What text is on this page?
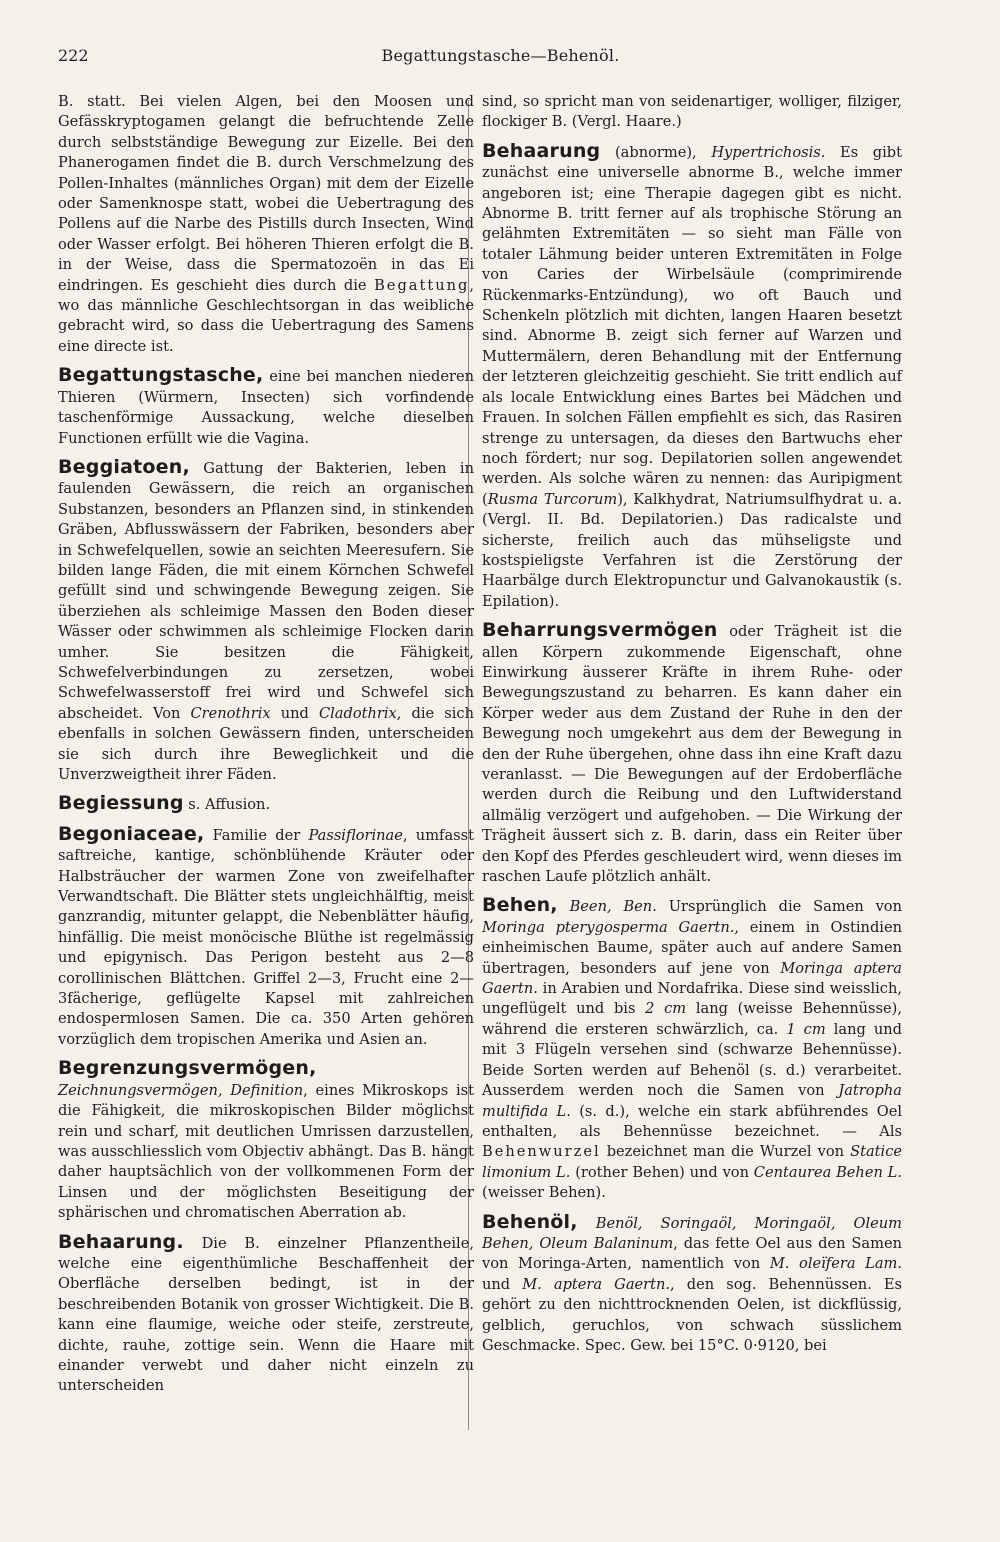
222	Begattungstasche—Behenöl.

B. statt. Bei vielen Algen, bei den Moosen und Gefässkryptogamen gelangt die befruchtende Zelle durch selbstständige Bewegung zur Eizelle. Bei den Phanerogamen findet die B. durch Verschmelzung des Pollen-Inhaltes (männliches Organ) mit dem der Eizelle oder Samenknospe statt, wobei die Uebertragung des Pollens auf die Narbe des Pistills durch Insecten, Wind oder Wasser erfolgt. Bei höheren Thieren erfolgt die B. in der Weise, dass die Spermatozoën in das Ei eindringen. Es geschieht dies durch die Begattung, wo das männliche Geschlechtsorgan in das weibliche gebracht wird, so dass die Uebertragung des Samens eine directe ist.

Begattungstasche, eine bei manchen niederen Thieren (Würmern, Insecten) sich vorfindende taschenförmige Aussackung, welche dieselben Functionen erfüllt wie die Vagina.

Beggiatoen, Gattung der Bakterien, leben in faulenden Gewässern, die reich an organischen Substanzen, besonders an Pflanzen sind, in stinkenden Gräben, Abflusswässern der Fabriken, besonders aber in Schwefelquellen, sowie an seichten Meeresufern. Sie bilden lange Fäden, die mit einem Körnchen Schwefel gefüllt sind und schwingende Bewegung zeigen. Sie überziehen als schleimige Massen den Boden dieser Wässer oder schwimmen als schleimige Flocken darin umher. Sie besitzen die Fähigkeit, Schwefelverbindungen zu zersetzen, wobei Schwefelwasserstoff frei wird und Schwefel sich abscheidet. Von Crenothrix und Cladothrix, die sich ebenfalls in solchen Gewässern finden, unterscheiden sie sich durch ihre Beweglichkeit und die Unverzweigtheit ihrer Fäden.

Begiessung s. Affusion.

Begoniaceae, Familie der Passiflorinae, umfasst saftreiche, kantige, schönblühende Kräuter oder Halbsträucher der warmen Zone von zweifelhafter Verwandtschaft. Die Blätter stets ungleichhälftig, meist ganzrandig, mitunter gelappt, die Nebenblätter häufig, hinfällig. Die meist monöcische Blüthe ist regelmässig und epigynisch. Das Perigon besteht aus 2—8 corollinischen Blättchen. Griffel 2—3, Frucht eine 2—3fächerige, geflügelte Kapsel mit zahlreichen endospermlosen Samen. Die ca. 350 Arten gehören vorzüglich dem tropischen Amerika und Asien an.

Begrenzungsvermögen, Zeichnungsvermögen, Definition, eines Mikroskops ist die Fähigkeit, die mikroskopischen Bilder möglichst rein und scharf, mit deutlichen Umrissen darzustellen, was ausschliesslich vom Objectiv abhängt. Das B. hängt daher hauptsächlich von der vollkommenen Form der Linsen und der möglichsten Beseitigung der sphärischen und chromatischen Aberration ab.

Behaarung. Die B. einzelner Pflanzentheile, welche eine eigenthümliche Beschaffenheit der Oberfläche derselben bedingt, ist in der beschreibenden Botanik von grosser Wichtigkeit. Die B. kann eine flaumige, weiche oder steife, zerstreute, dichte, rauhe, zottige sein. Wenn die Haare mit einander verwebt und daher nicht einzeln zu unterscheiden

sind, so spricht man von seidenartiger, wolliger, filziger, flockiger B. (Vergl. Haare.)

Behaarung (abnorme), Hypertrichosis. Es gibt zunächst eine universelle abnorme B., welche immer angeboren ist; eine Therapie dagegen gibt es nicht. Abnorme B. tritt ferner auf als trophische Störung an gelähmten Extremitäten — so sieht man Fälle von totaler Lähmung beider unteren Extremitäten in Folge von Caries der Wirbelsäule (comprimirende Rückenmarks-Entzündung), wo oft Bauch und Schenkeln plötzlich mit dichten, langen Haaren besetzt sind. Abnorme B. zeigt sich ferner auf Warzen und Muttermälern, deren Behandlung mit der Entfernung der letzteren gleichzeitig geschieht. Sie tritt endlich auf als locale Entwicklung eines Bartes bei Mädchen und Frauen. In solchen Fällen empfiehlt es sich, das Rasiren strenge zu untersagen, da dieses den Bartwuchs eher noch fördert; nur sog. Depilatorien sollen angewendet werden. Als solche wären zu nennen: das Auripigment (Rusma Turcorum), Kalkhydrat, Natriumsulfhydrat u. a. (Vergl. II. Bd. Depilatorien.) Das radicalste und sicherste, freilich auch das mühseligste und kostspieligste Verfahren ist die Zerstörung der Haarbälge durch Elektropunctur und Galvanokaustik (s. Epilation).

Beharrungsvermögen oder Trägheit ist die allen Körpern zukommende Eigenschaft, ohne Einwirkung äusserer Kräfte in ihrem Ruhe- oder Bewegungszustand zu beharren. Es kann daher ein Körper weder aus dem Zustand der Ruhe in den der Bewegung noch umgekehrt aus dem der Bewegung in den der Ruhe übergehen, ohne dass ihn eine Kraft dazu veranlasst. — Die Bewegungen auf der Erdoberfläche werden durch die Reibung und den Luftwiderstand allmälig verzögert und aufgehoben. — Die Wirkung der Trägheit äussert sich z. B. darin, dass ein Reiter über den Kopf des Pferdes geschleudert wird, wenn dieses im raschen Laufe plötzlich anhält.

Behen, Been, Ben. Ursprünglich die Samen von Moringa pterygosperma Gaertn., einem in Ostindien einheimischen Baume, später auch auf andere Samen übertragen, besonders auf jene von Moringa aptera Gaertn. in Arabien und Nordafrika. Diese sind weisslich, ungeflügelt und bis 2 cm lang (weisse Behennüsse), während die ersteren schwärzlich, ca. 1 cm lang und mit 3 Flügeln versehen sind (schwarze Behennüsse). Beide Sorten werden auf Behenöl (s. d.) verarbeitet. Ausserdem werden noch die Samen von Jatropha multifida L. (s. d.), welche ein stark abführendes Oel enthalten, als Behennüsse bezeichnet. — Als Behenwurzel bezeichnet man die Wurzel von Statice limonium L. (rother Behen) und von Centaurea Behen L. (weisser Behen).

Behenöl, Benöl, Soringaöl, Moringaöl, Oleum Behen, Oleum Balaninum, das fette Oel aus den Samen von Moringa-Arten, namentlich von M. oleïfera Lam. und M. aptera Gaertn., den sog. Behennüssen. Es gehört zu den nichttrocknenden Oelen, ist dickflüssig, gelblich, geruchlos, von schwach süsslichem Geschmacke. Spec. Gew. bei 15°C. 0·9120, bei
